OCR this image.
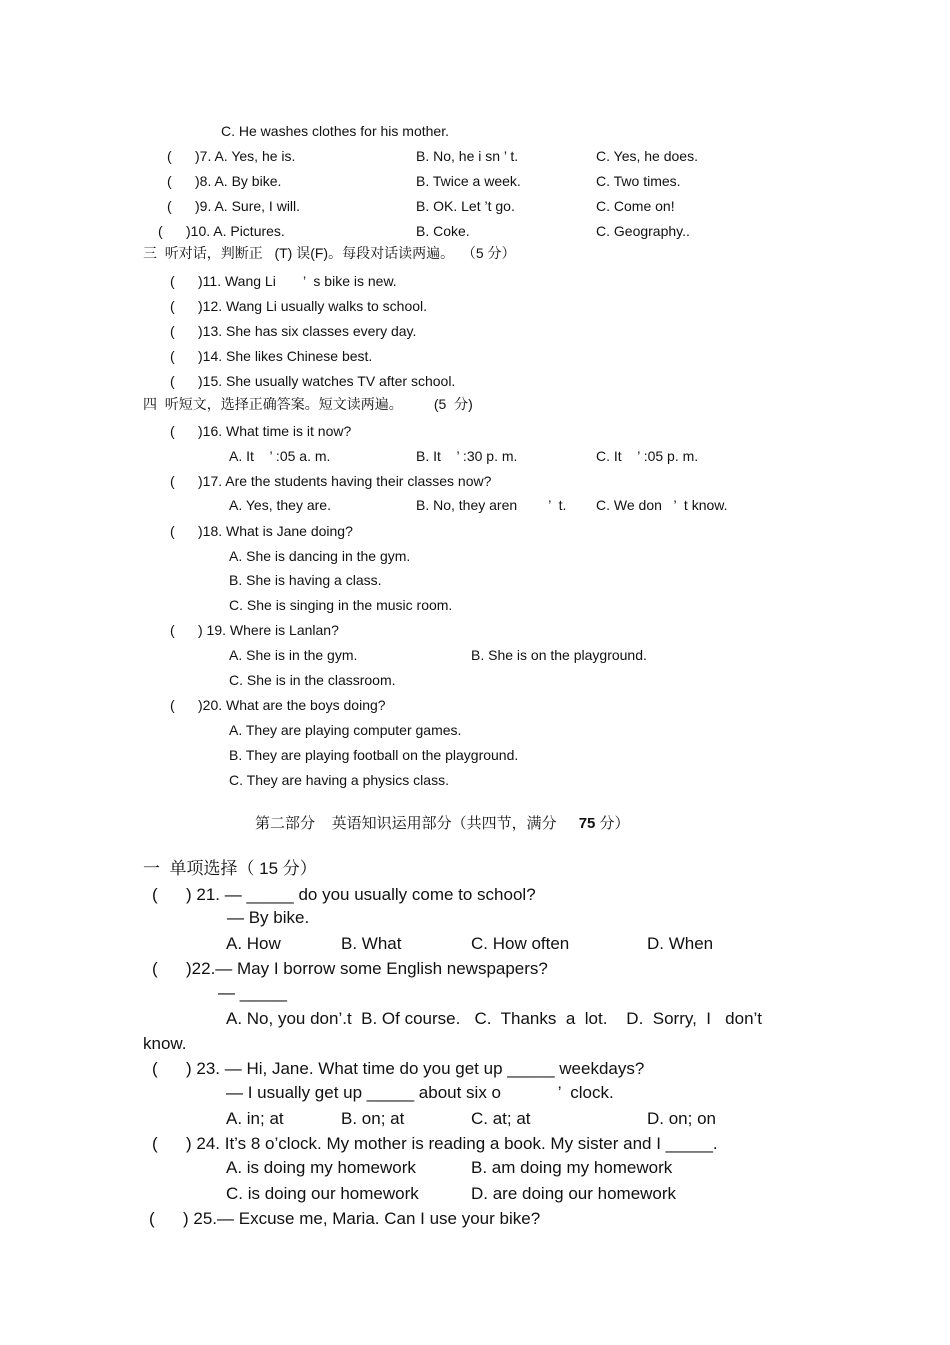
C. He washes clothes for his mother.
(      )7. A. Yes, he is.	B. No, he i sn ’ t.	C. Yes, he does.
(      )8. A. By bike.	B. Twice a week.	C. Two times.
(      )9. A. Sure, I will.	B. OK. Let ’t go.	C. Come on!
(      )10. A. Pictures.	B. Coke.	C. Geography..
三  听对话，判断正   (T) 误(F)。每段对话读两遍。  （5 分）
(      )11. Wang Li       ’  s bike is new.
(      )12. Wang Li usually walks to school.
(      )13. She has six classes every day.
(      )14. She likes Chinese best.
(      )15. She usually watches TV after school.
四  听短文，选择正确答案。短文读两遍。        (5  分)
(      )16. What time is it now?
A. It    ’ :05 a. m.	B. It    ’ :30 p. m.	C. It    ’ :05 p. m.
(      )17. Are the students having their classes now?
A. Yes, they are.	B. No, they aren        ’  t. C. We don   ’  t know.
(      )18. What is Jane doing?
A. She is dancing in the gym.
B. She is having a class.
C. She is singing in the music room.
(      ) 19. Where is Lanlan?
A. She is in the gym.	B. She is on the playground.
C. She is in the classroom.
(      )20. What are the boys doing?
A. They are playing computer games.
B. They are playing football on the playground.
C. They are having a physics class.
第二部分    英语知识运用部分（共四节，满分 75 分）
一  单项选择（ 15 分）
(      ) 21. — _____ do you usually come to school?
— By bike.
A. How	B. What	C. How often	D. When
(      )22.— May I borrow some English newspapers?
— _____
A. No, you don’.t  B. Of course.   C.  Thanks  a  lot.    D.  Sorry,  I   don’t
know.
(      ) 23. — Hi, Jane. What time do you get up _____ weekdays?
— I usually get up _____ about six o            ’  clock.
A. in; at	B. on; at	C. at; at	D. on; on
(      ) 24. It’s 8 o’clock. My mother is reading a book. My sister and I _____.
A. is doing my homework	B. am doing my homework
C. is doing our homework	D. are doing our homework
(      ) 25.— Excuse me, Maria. Can I use your bike?
